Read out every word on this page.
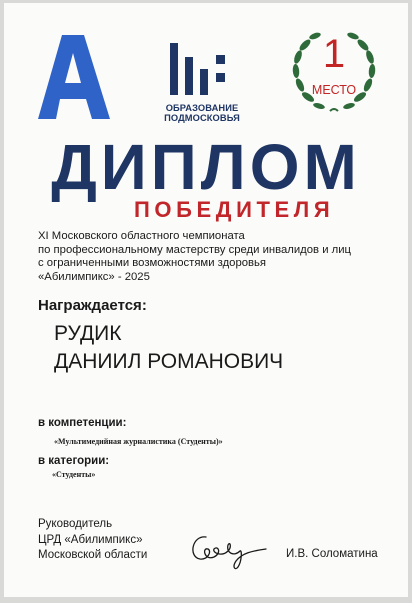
ОБРАЗОВАНИЕ
ПОДМОСКОВЬЯ
1
МЕСТО
ДИПЛОМ
ПОБЕДИТЕЛЯ
XI Московского областного чемпионата
по профессиональному мастерству среди инвалидов и лиц
с ограниченными возможностями здоровья
«Абилимпикс» - 2025
Награждается:
РУДИК
ДАНИИЛ РОМАНОВИЧ
в компетенции:
«Мультимедийная журналистика (Студенты)»
в категории:
«Студенты»
Руководитель
ЦРД «Абилимпикс»
Московской области	И.В. Соломатина
